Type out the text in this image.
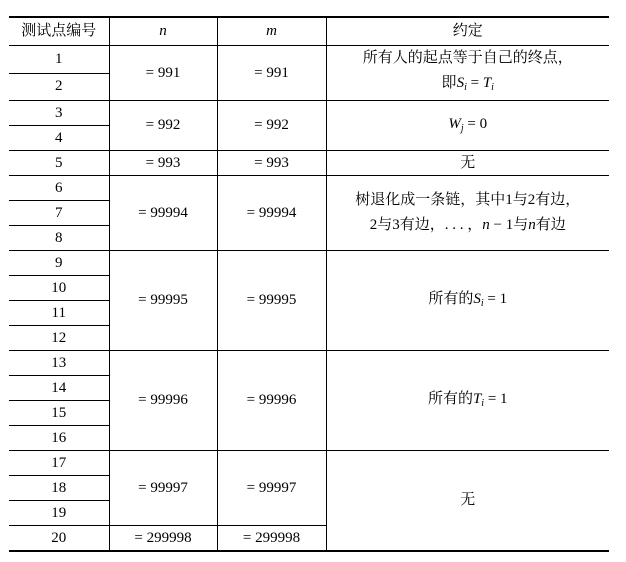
测试点编号	n	m	约定
1	= 991	= 991	所有人的起点等于自己的终点，
即$S_i = T_i$

2			
3	= 992	= 992	$W_j = 0$
4			
5	= 993	= 993	无
6	= 99994	= 99994	树退化成一条链，其中1与2有边，
2与3有边，. . . ，n − 1与n有边

7			
8			
9	= 99995	= 99995	所有的$S_i = 1$
10			
11			
12			
13	= 99996	= 99996	所有的$T_i = 1$
14			
15			
16			
17	= 99997	= 99997	无
18			
19			
20	= 299998	= 299998	
